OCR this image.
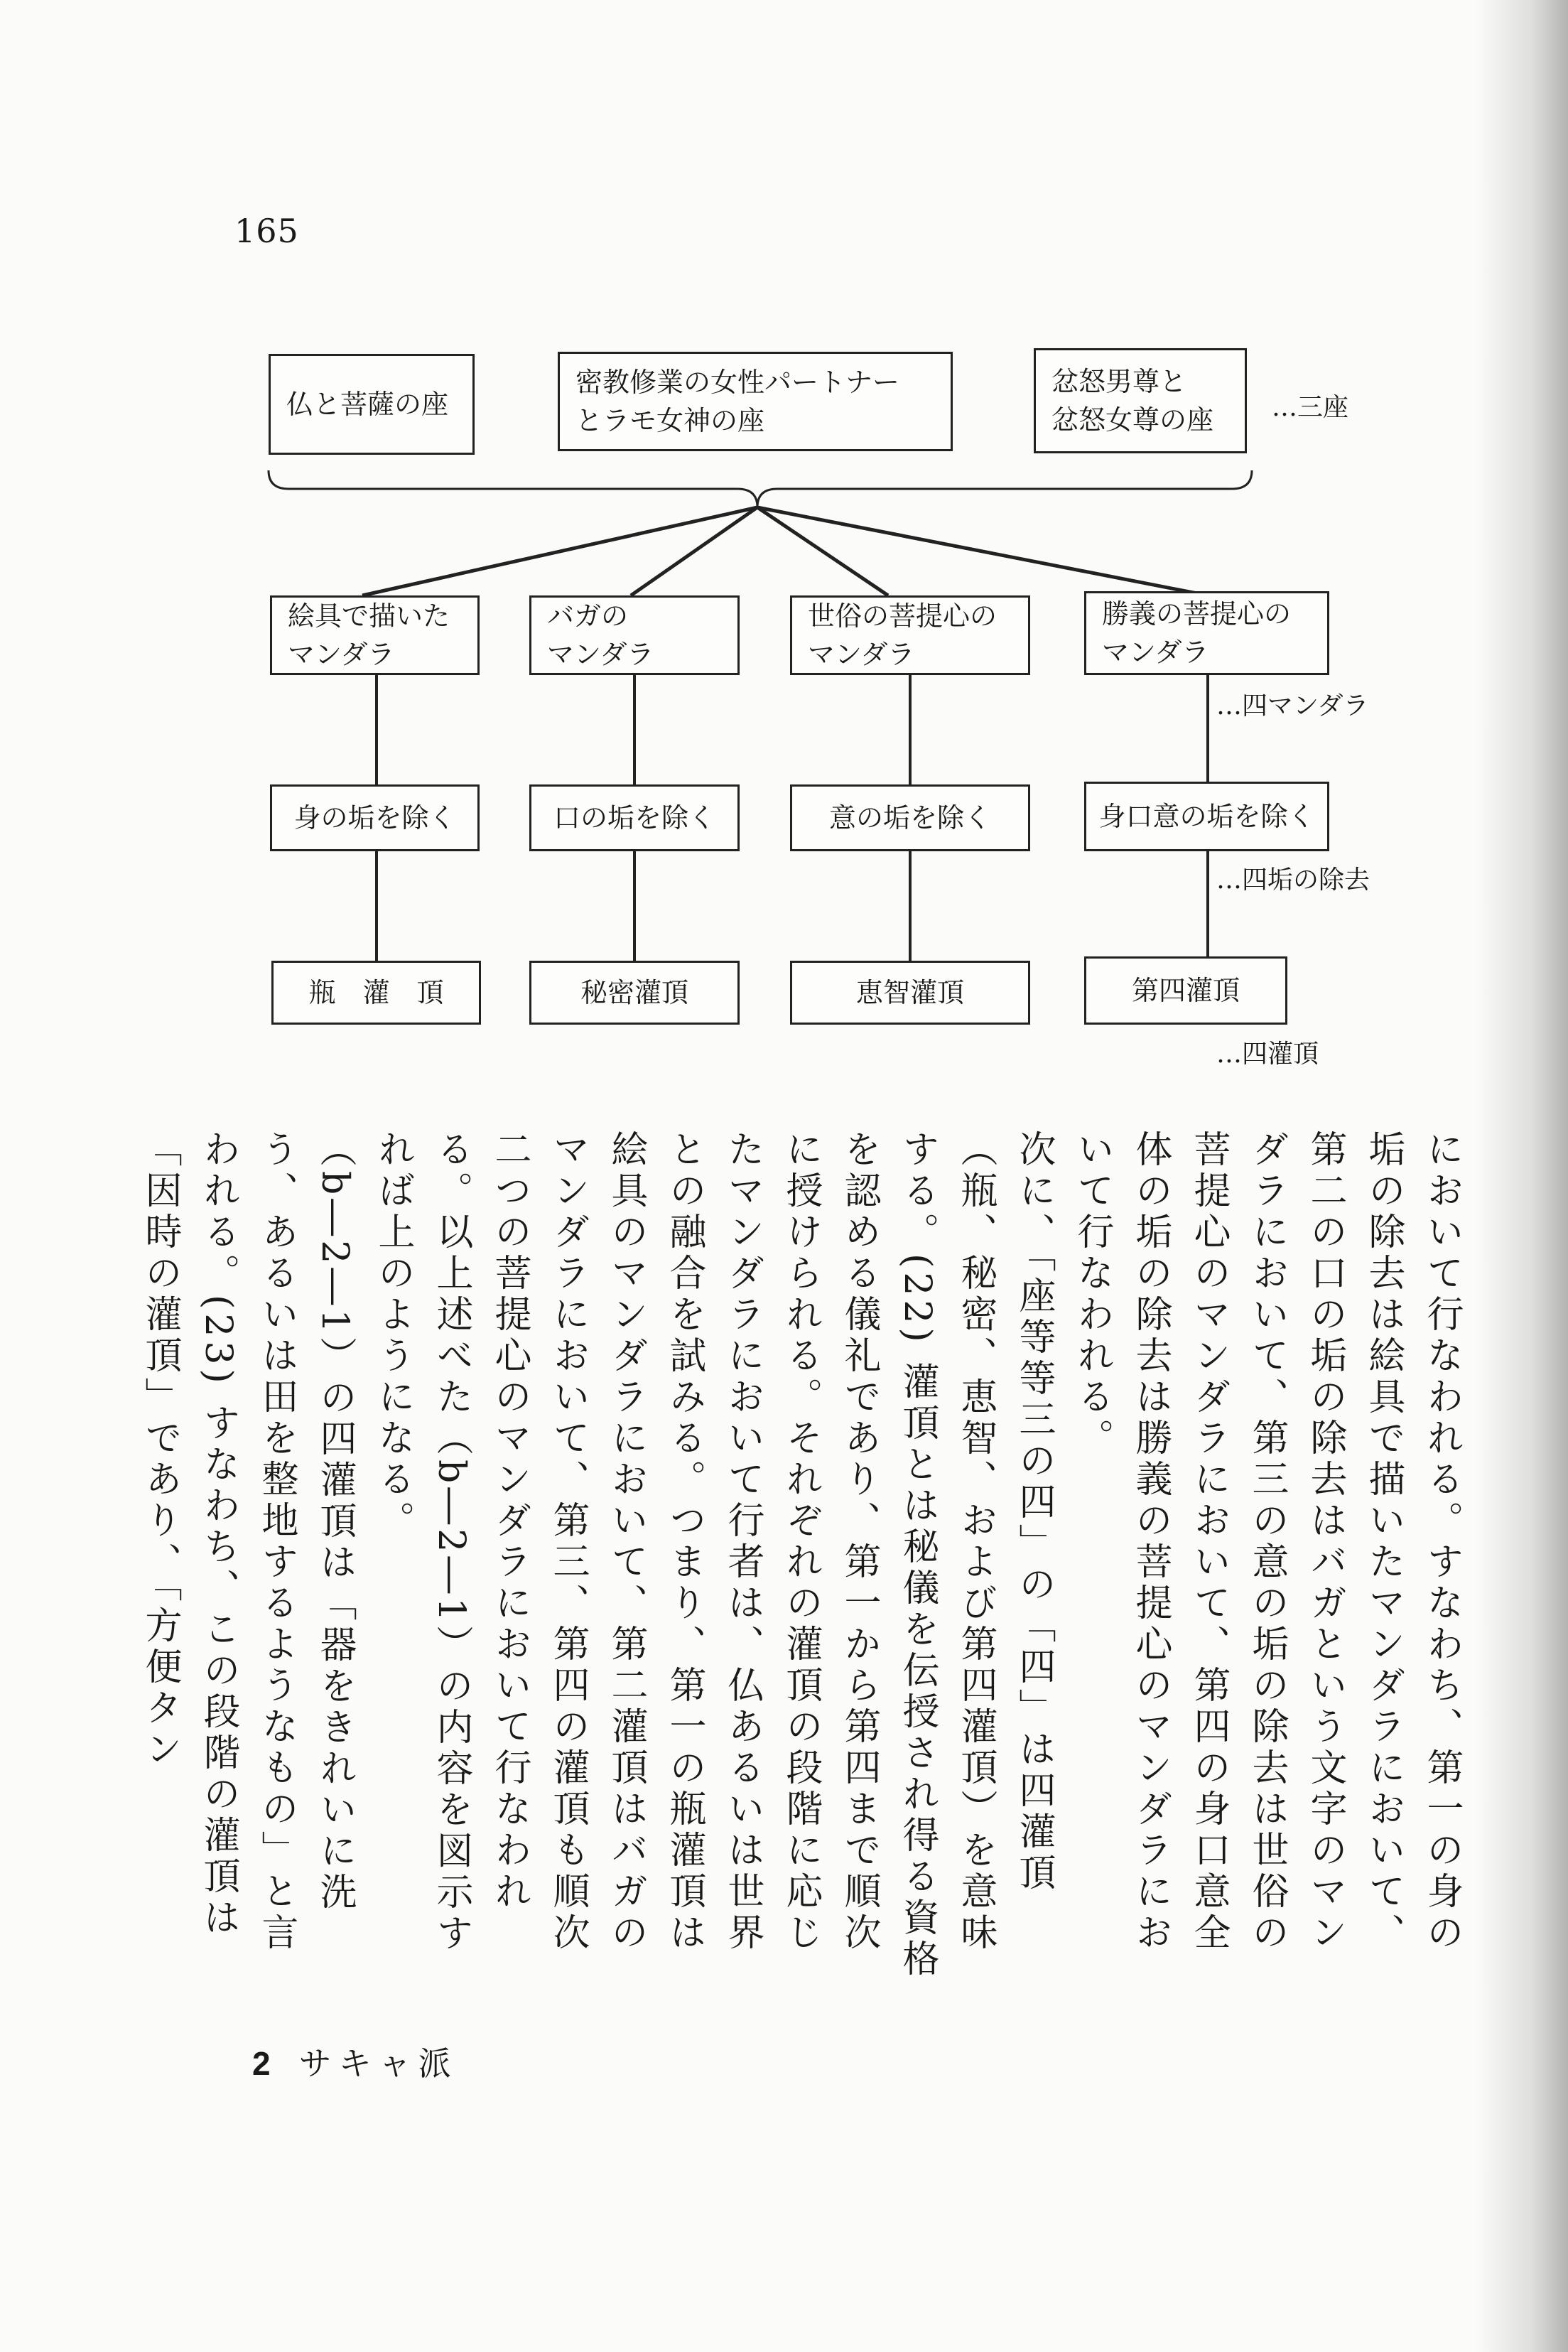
165
仏と菩薩の座
密教修業の女性パートナー
とラモ女神の座
忿怒男尊と
忿怒女尊の座	…三座
絵具で描いた
マンダラ
バガの
マンダラ
世俗の菩提心の
マンダラ
勝義の菩提心の
マンダラ
…四マンダラ
身の垢を除く	口の垢を除く	意の垢を除く	身口意の垢を除く
…四垢の除去
瓶　灌　頂	秘密灌頂	恵智灌頂	第四灌頂
…四灌頂

において行なわれる。すなわち、第一の身の垢の除去は絵具で描いたマンダラにおいて、第二の口の垢の除去はバガという文字のマンダラにおいて、第三の意の垢の除去は世俗の菩提心のマンダラにおいて、第四の身口意全体の垢の除去は勝義の菩提心のマンダラにおいて行なわれる。

次に、「座等等三の四」の「四」は四灌頂（瓶、秘密、恵智、および第四灌頂）を意味する。(22) 灌頂とは秘儀を伝授され得る資格を認める儀礼であり、第一から第四まで順次に授けられる。それぞれの灌頂の段階に応じたマンダラにおいて行者は、仏あるいは世界との融合を試みる。つまり、第一の瓶灌頂は絵具のマンダラにおいて、第二灌頂はバガのマンダラにおいて、第三、第四の灌頂も順次二つの菩提心のマンダラにおいて行なわれる。以上述べた（b―2―1）の内容を図示すれば上のようになる。

（b―2―1）の四灌頂は「器をきれいに洗う、あるいは田を整地するようなもの」と言われる。(23) すなわち、この段階の灌頂は「因時の灌頂」であり、「方便タン

2 サキャ派
